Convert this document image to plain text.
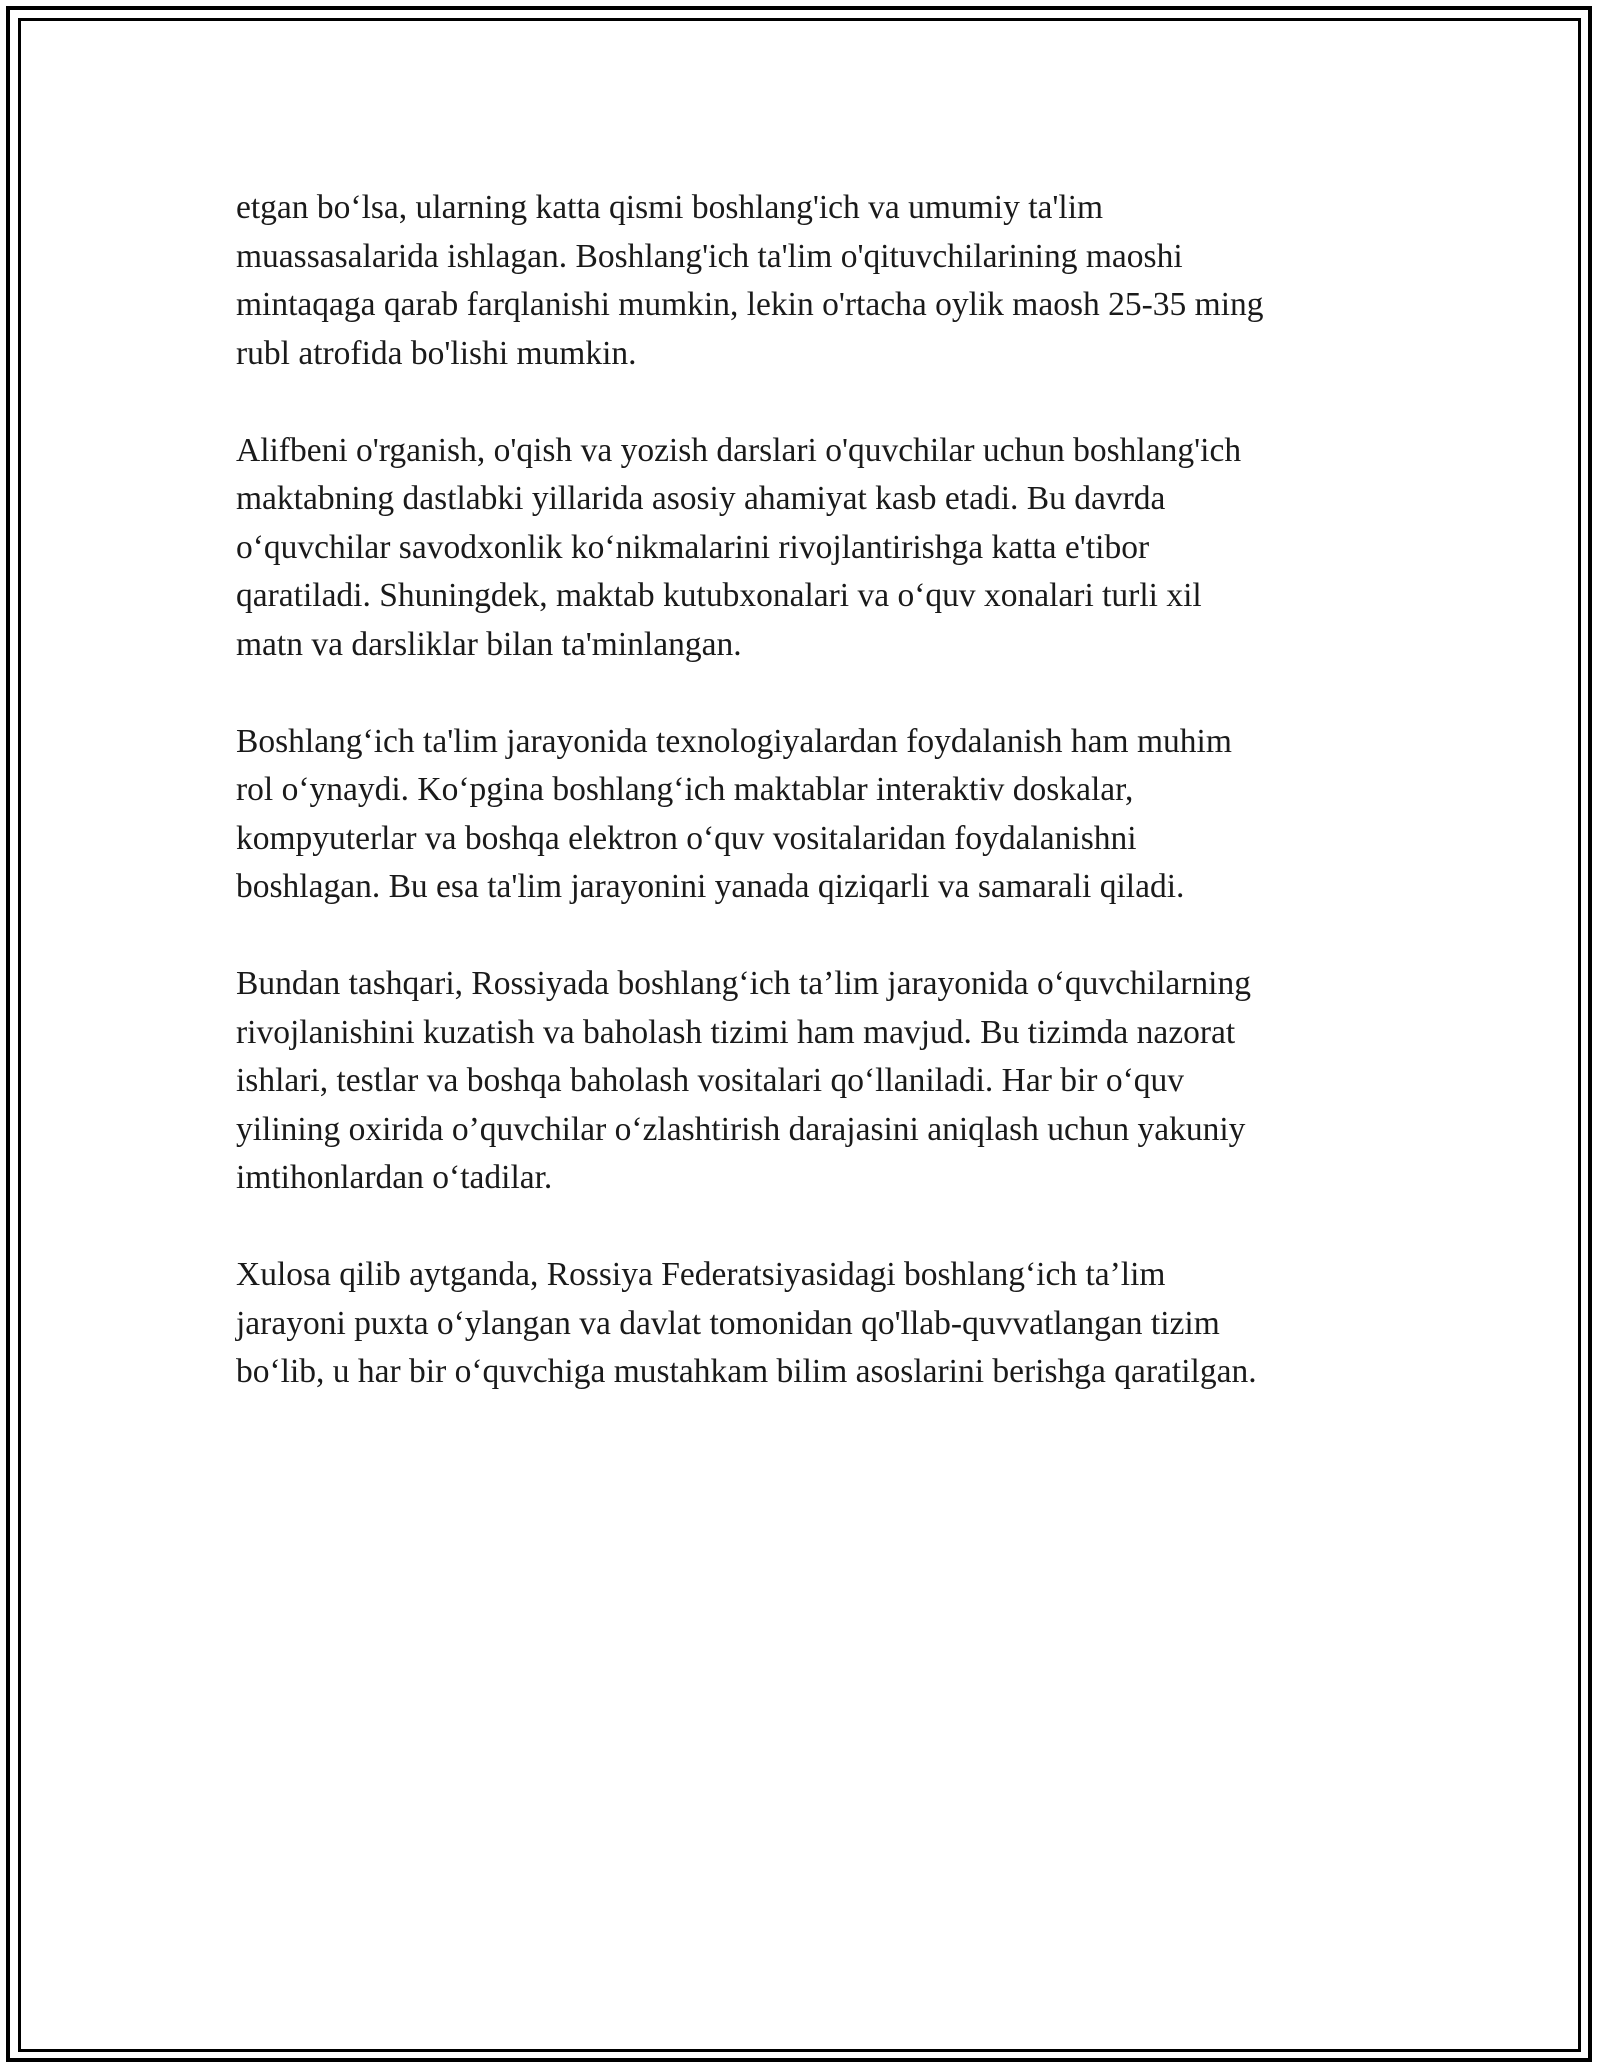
etgan bo‘lsa, ularning katta qismi boshlang'ich va umumiy ta'lim
muassasalarida ishlagan. Boshlang'ich ta'lim o'qituvchilarining maoshi
mintaqaga qarab farqlanishi mumkin, lekin o'rtacha oylik maosh 25-35 ming
rubl atrofida bo'lishi mumkin.

Alifbeni o'rganish, o'qish va yozish darslari o'quvchilar uchun boshlang'ich
maktabning dastlabki yillarida asosiy ahamiyat kasb etadi. Bu davrda
o‘quvchilar savodxonlik ko‘nikmalarini rivojlantirishga katta e'tibor
qaratiladi. Shuningdek, maktab kutubxonalari va o‘quv xonalari turli xil
matn va darsliklar bilan ta'minlangan.

Boshlang‘ich ta'lim jarayonida texnologiyalardan foydalanish ham muhim
rol o‘ynaydi. Ko‘pgina boshlang‘ich maktablar interaktiv doskalar,
kompyuterlar va boshqa elektron o‘quv vositalaridan foydalanishni
boshlagan. Bu esa ta'lim jarayonini yanada qiziqarli va samarali qiladi.

Bundan tashqari, Rossiyada boshlang‘ich ta’lim jarayonida o‘quvchilarning
rivojlanishini kuzatish va baholash tizimi ham mavjud. Bu tizimda nazorat
ishlari, testlar va boshqa baholash vositalari qo‘llaniladi. Har bir o‘quv
yilining oxirida o’quvchilar o‘zlashtirish darajasini aniqlash uchun yakuniy
imtihonlardan o‘tadilar.

Xulosa qilib aytganda, Rossiya Federatsiyasidagi boshlang‘ich ta’lim
jarayoni puxta o‘ylangan va davlat tomonidan qo'llab-quvvatlangan tizim
bo‘lib, u har bir o‘quvchiga mustahkam bilim asoslarini berishga qaratilgan.
